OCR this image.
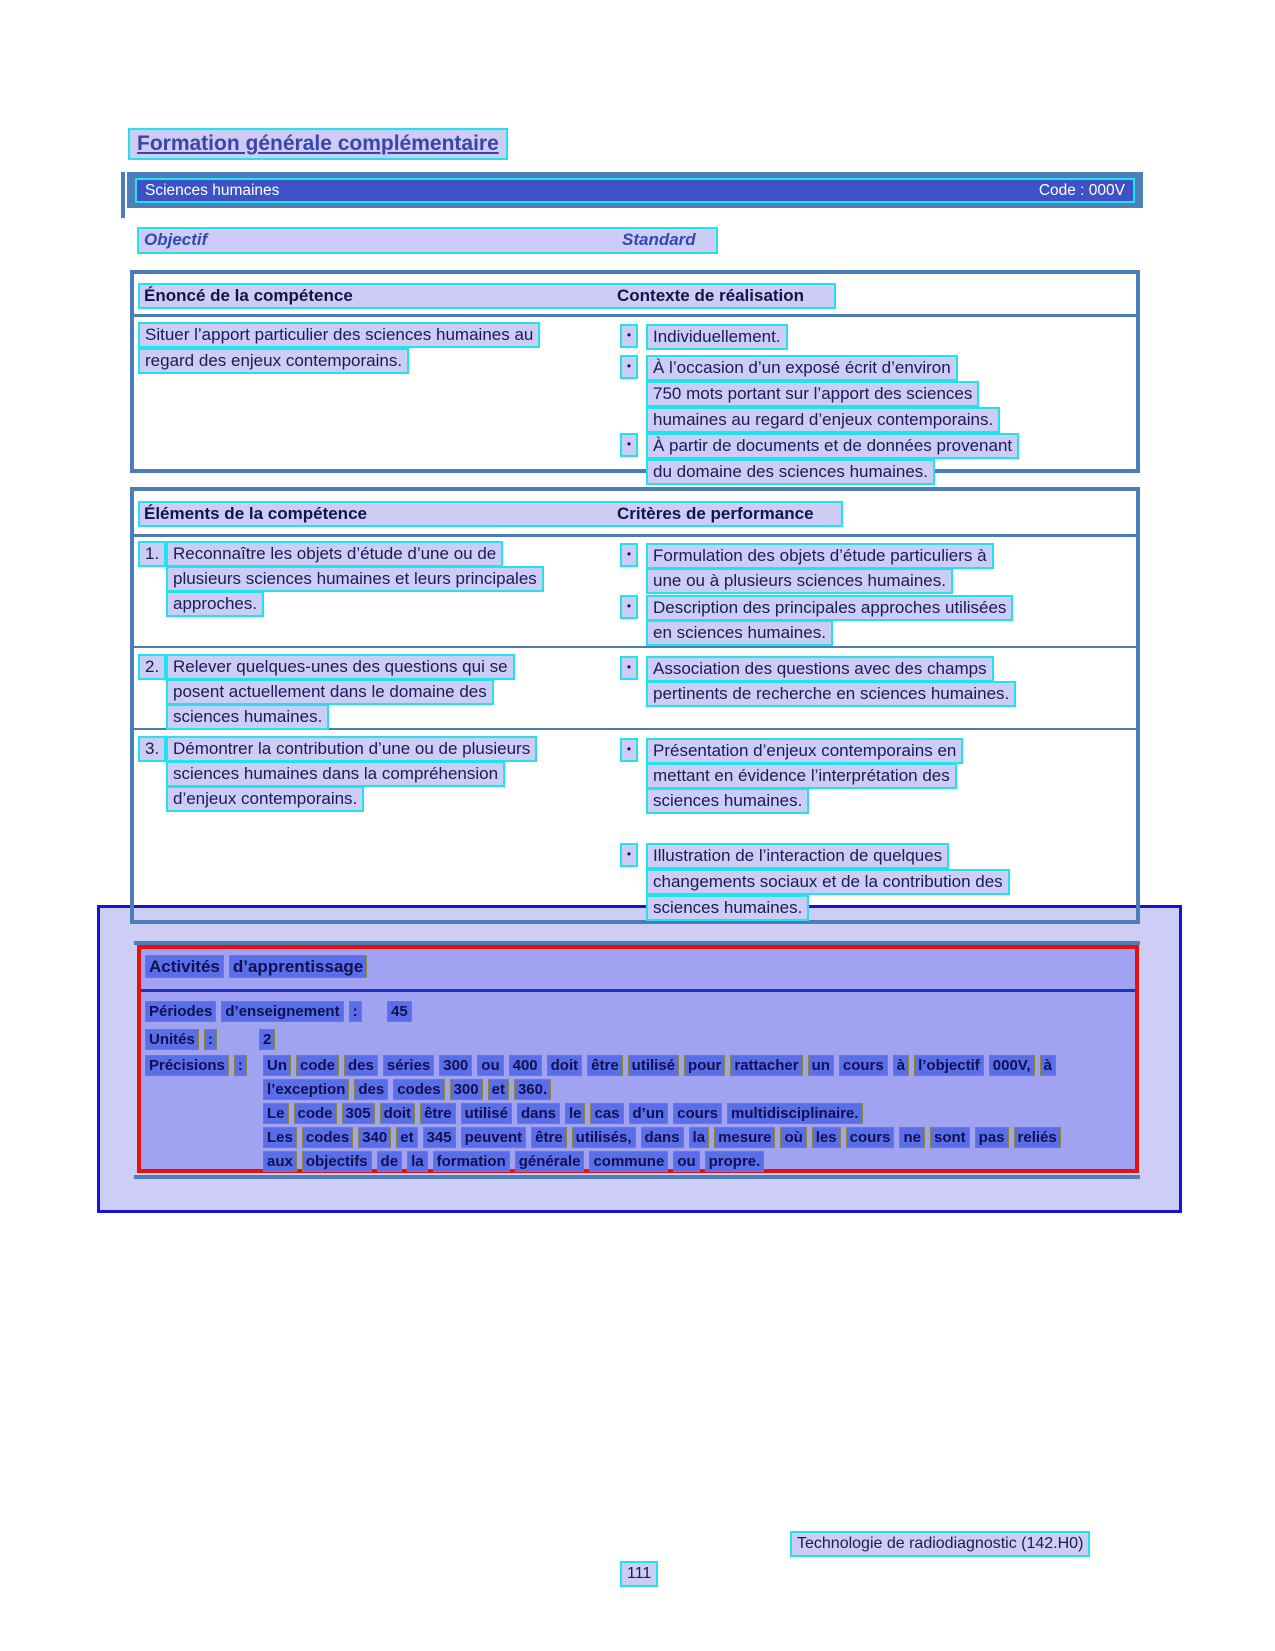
Formation générale complémentaire
Sciences humaines	Code : 000V
Objectif	Standard
Énoncé de la compétence	Contexte de réalisation
Situer l’apport particulier des sciences humaines au
regard des enjeux contemporains.
•	Individuellement.
•	À l’occasion d’un exposé écrit d’environ
750 mots portant sur l’apport des sciences
humaines au regard d’enjeux contemporains.
•	À partir de documents et de données provenant
du domaine des sciences humaines.
Éléments de la compétence	Critères de performance
1. Reconnaître les objets d’étude d’une ou de
plusieurs sciences humaines et leurs principales
approches.
•	Formulation des objets d’étude particuliers à
une ou à plusieurs sciences humaines.
•	Description des principales approches utilisées
en sciences humaines.
2. Relever quelques-unes des questions qui se
posent actuellement dans le domaine des
sciences humaines.
•	Association des questions avec des champs
pertinents de recherche en sciences humaines.
3. Démontrer la contribution d’une ou de plusieurs
sciences humaines dans la compréhension
d’enjeux contemporains.
•	Présentation d’enjeux contemporains en
mettant en évidence l’interprétation des
sciences humaines.
•	Illustration de l’interaction de quelques
changements sociaux et de la contribution des
sciences humaines.
Activités d’apprentissage
Périodes d’enseignement : 45
Unités :	2
Précisions : Un code des séries 300 ou 400 doit être utilisé pour rattacher un cours à l’objectif 000V, à
l’exception des codes 300 et 360.
Le code 305 doit être utilisé dans le cas d’un cours multidisciplinaire.
Les codes 340 et 345 peuvent être utilisés, dans la mesure où les cours ne sont pas reliés
aux objectifs de la formation générale commune ou propre.
Technologie de radiodiagnostic (142.H0)
111
